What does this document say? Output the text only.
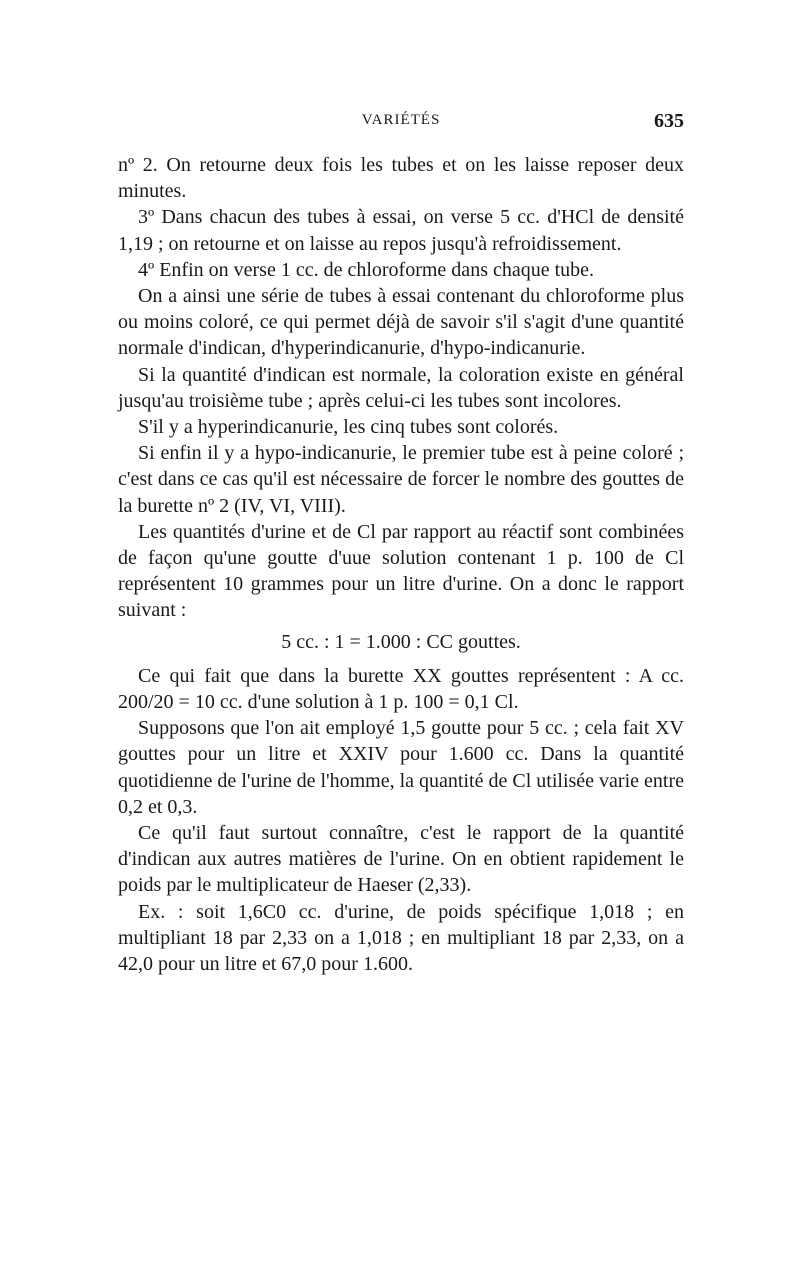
VARIÉTÉS	635

nº 2. On retourne deux fois les tubes et on les laisse reposer deux minutes.

3º Dans chacun des tubes à essai, on verse 5 cc. d'HCl de densité 1,19 ; on retourne et on laisse au repos jusqu'à refroidissement.

4º Enfin on verse 1 cc. de chloroforme dans chaque tube.

On a ainsi une série de tubes à essai contenant du chloroforme plus ou moins coloré, ce qui permet déjà de savoir s'il s'agit d'une quantité normale d'indican, d'hyperindicanurie, d'hypo-indicanurie.

Si la quantité d'indican est normale, la coloration existe en général jusqu'au troisième tube ; après celui-ci les tubes sont incolores.

S'il y a hyperindicanurie, les cinq tubes sont colorés.

Si enfin il y a hypo-indicanurie, le premier tube est à peine coloré ; c'est dans ce cas qu'il est nécessaire de forcer le nombre des gouttes de la burette nº 2 (IV, VI, VIII).

Les quantités d'urine et de Cl par rapport au réactif sont combinées de façon qu'une goutte d'uue solution contenant 1 p. 100 de Cl représentent 10 grammes pour un litre d'urine. On a donc le rapport suivant :

5 cc. : 1 = 1.000 : CC gouttes.

Ce qui fait que dans la burette XX gouttes représentent : A cc. 200/20 = 10 cc. d'une solution à 1 p. 100 = 0,1 Cl.

Supposons que l'on ait employé 1,5 goutte pour 5 cc. ; cela fait XV gouttes pour un litre et XXIV pour 1.600 cc. Dans la quantité quotidienne de l'urine de l'homme, la quantité de Cl utilisée varie entre 0,2 et 0,3.

Ce qu'il faut surtout connaître, c'est le rapport de la quantité d'indican aux autres matières de l'urine. On en obtient rapidement le poids par le multiplicateur de Haeser (2,33).

Ex. : soit 1,6C0 cc. d'urine, de poids spécifique 1,018 ; en multipliant 18 par 2,33 on a 1,018 ; en multipliant 18 par 2,33, on a 42,0 pour un litre et 67,0 pour 1.600.
